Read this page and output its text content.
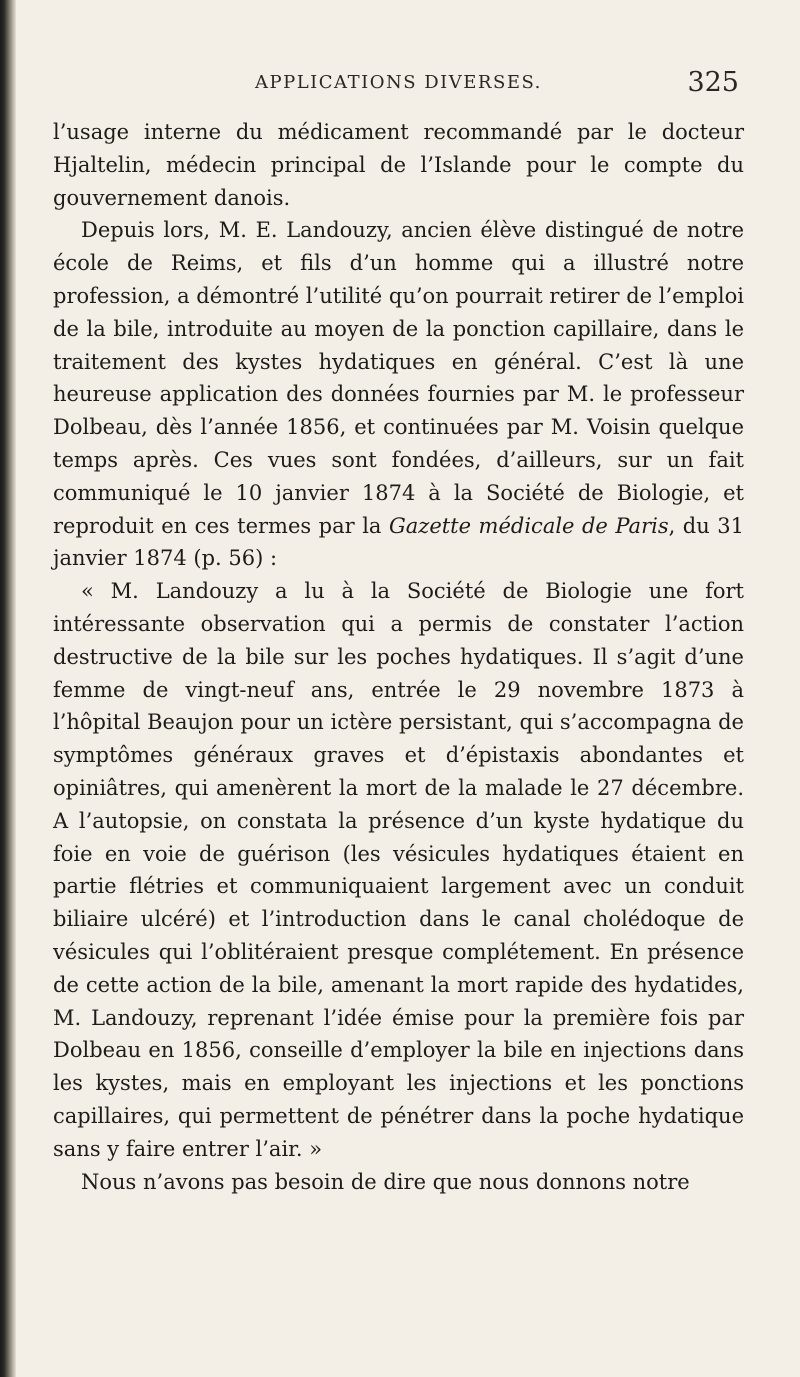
APPLICATIONS DIVERSES.	325

l’usage interne du médicament recommandé par le docteur Hjaltelin, médecin principal de l’Islande pour le compte du gouvernement danois.

Depuis lors, M. E. Landouzy, ancien élève distingué de notre école de Reims, et fils d’un homme qui a illustré notre profession, a démontré l’utilité qu’on pourrait retirer de l’emploi de la bile, introduite au moyen de la ponction capillaire, dans le traitement des kystes hydatiques en général. C’est là une heureuse application des données fournies par M. le professeur Dolbeau, dès l’année 1856, et continuées par M. Voisin quelque temps après. Ces vues sont fondées, d’ailleurs, sur un fait communiqué le 10 janvier 1874 à la Société de Biologie, et reproduit en ces termes par la Gazette médicale de Paris, du 31 janvier 1874 (p. 56) :

« M. Landouzy a lu à la Société de Biologie une fort intéressante observation qui a permis de constater l’action destructive de la bile sur les poches hydatiques. Il s’agit d’une femme de vingt-neuf ans, entrée le 29 novembre 1873 à l’hôpital Beaujon pour un ictère persistant, qui s’accompagna de symptômes généraux graves et d’épistaxis abondantes et opiniâtres, qui amenèrent la mort de la malade le 27 décembre. A l’autopsie, on constata la présence d’un kyste hydatique du foie en voie de guérison (les vésicules hydatiques étaient en partie flétries et communiquaient largement avec un conduit biliaire ulcéré) et l’introduction dans le canal cholédoque de vésicules qui l’oblitéraient presque complétement. En présence de cette action de la bile, amenant la mort rapide des hydatides, M. Landouzy, reprenant l’idée émise pour la première fois par Dolbeau en 1856, conseille d’employer la bile en injections dans les kystes, mais en employant les injections et les ponctions capillaires, qui permettent de pénétrer dans la poche hydatique sans y faire entrer l’air. »

Nous n’avons pas besoin de dire que nous donnons notre
